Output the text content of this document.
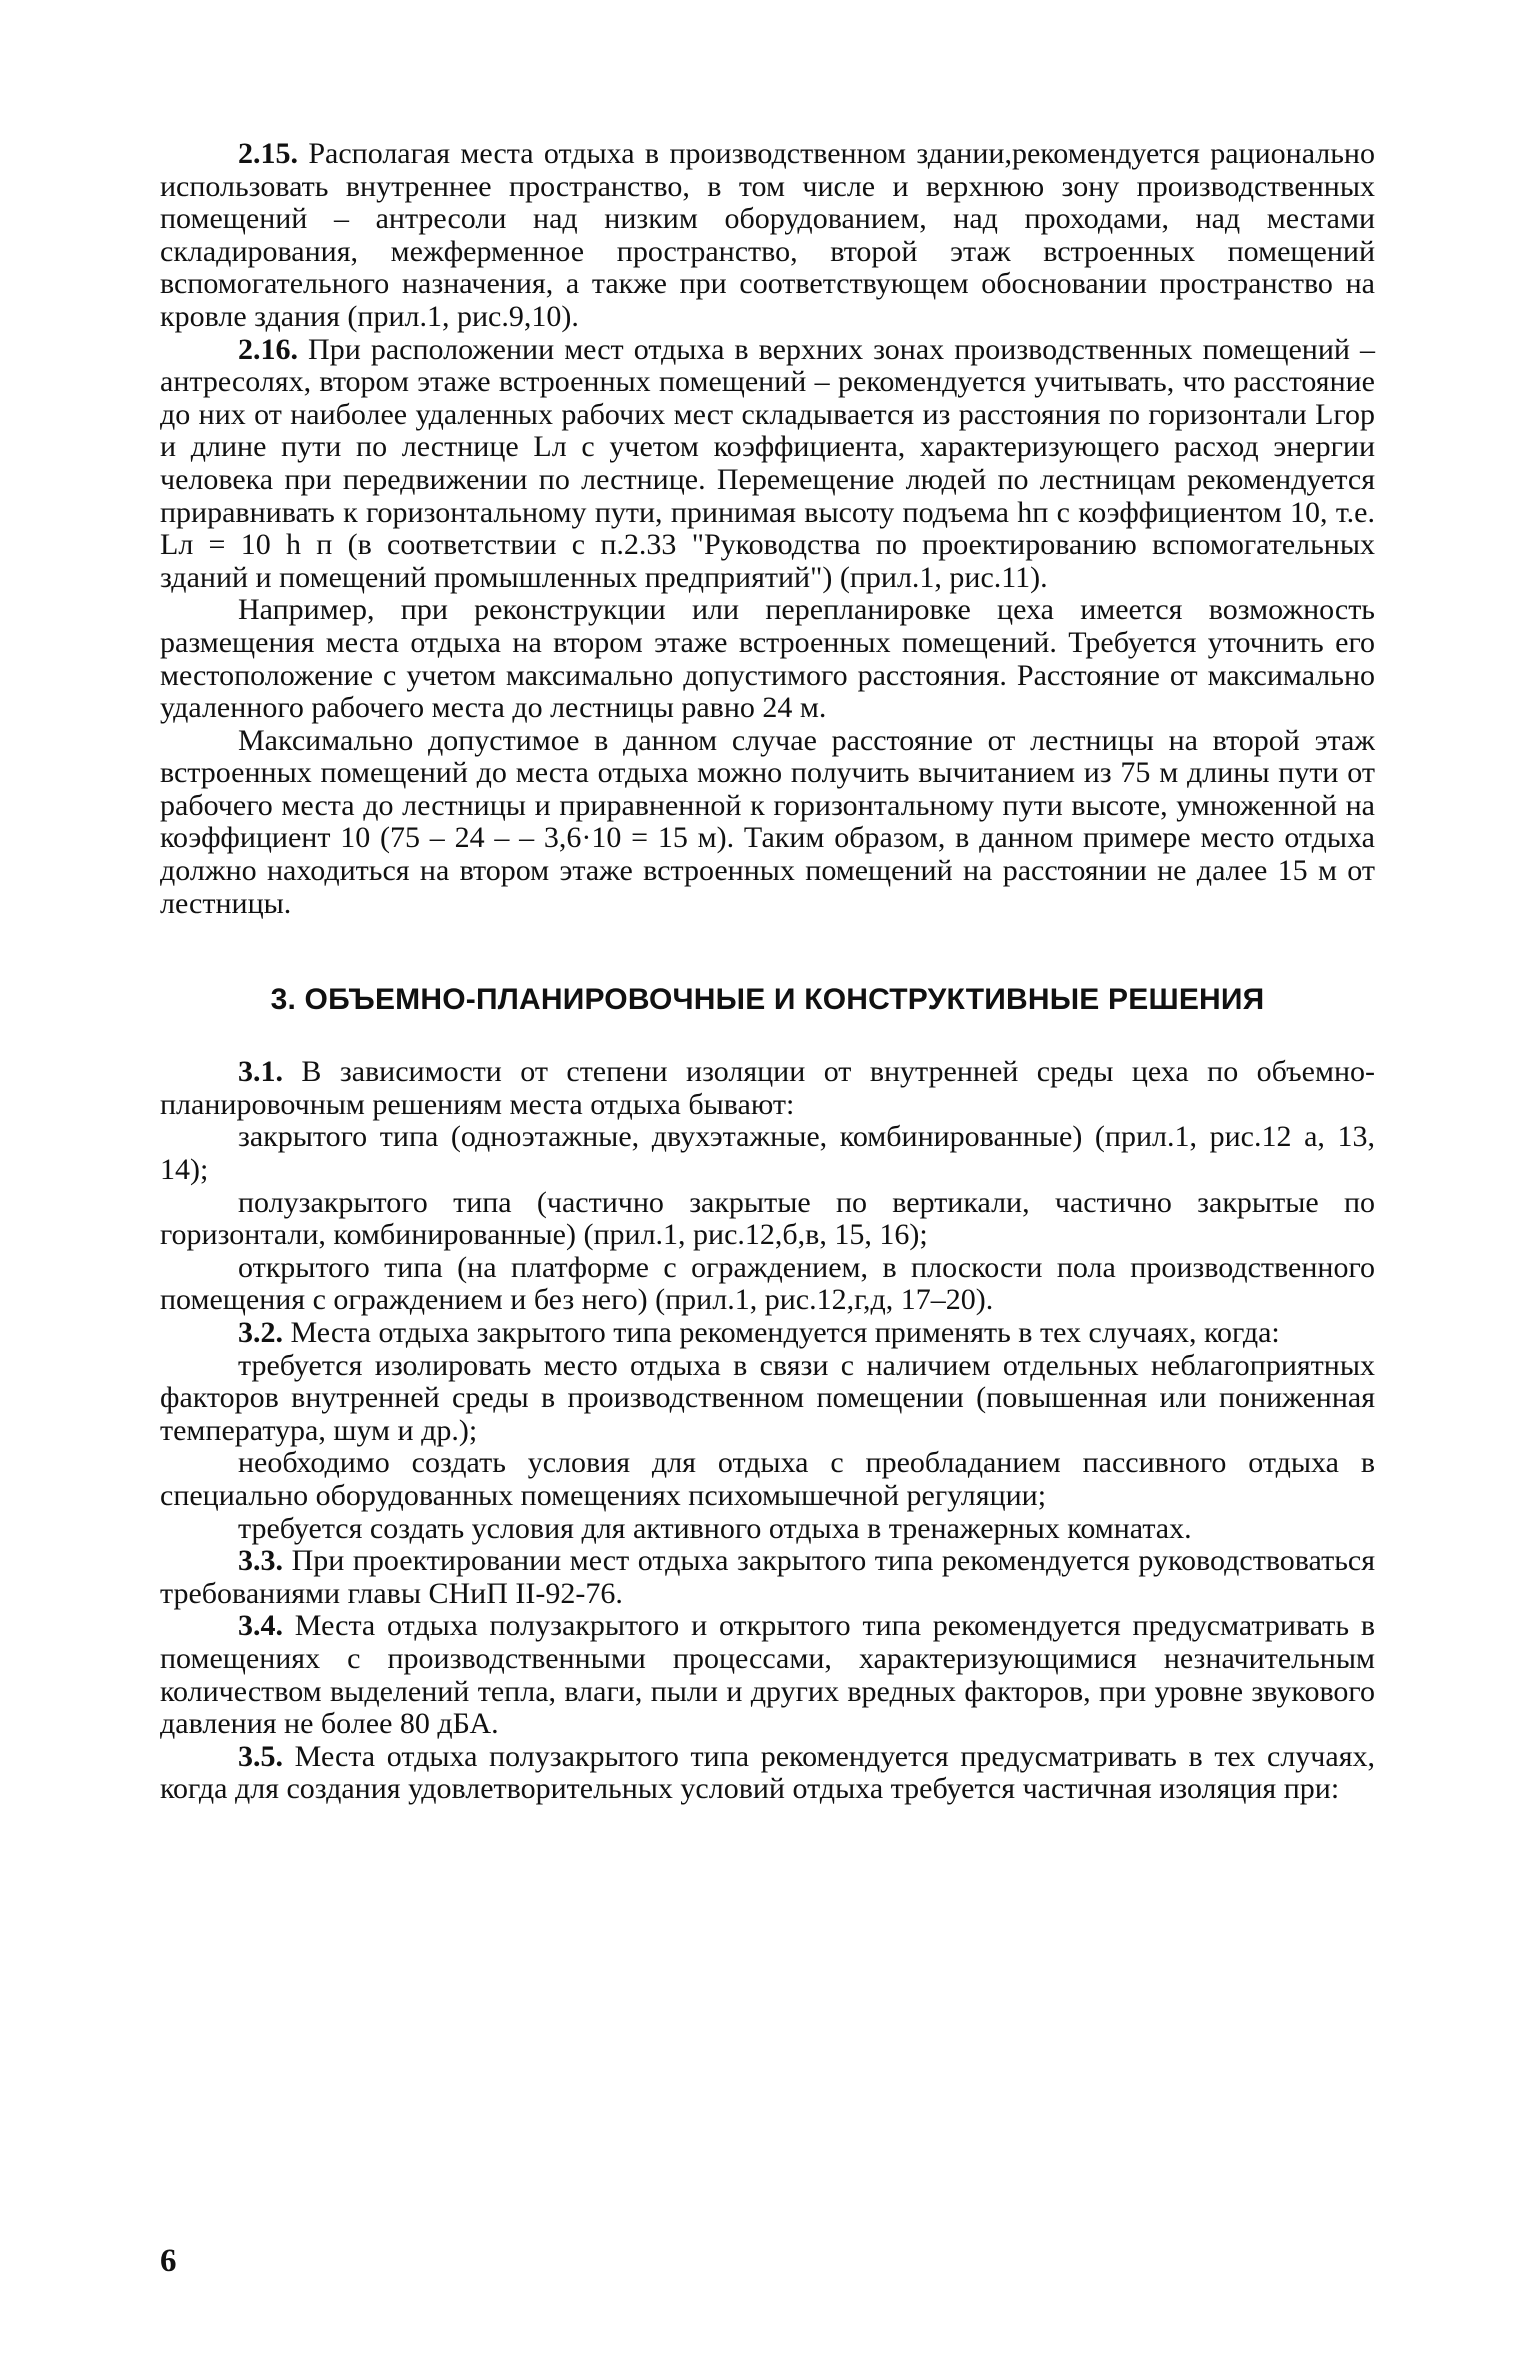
2.15. Располагая места отдыха в производственном здании,рекомендуется рационально использовать внутреннее пространство, в том числе и верхнюю зону производственных помещений – антресоли над низким оборудованием, над проходами, над местами складирования, межферменное пространство, второй этаж встроенных помещений вспомогательного назначения, а также при соответствующем обосновании пространство на кровле здания (прил.1, рис.9,10).

2.16. При расположении мест отдыха в верхних зонах производственных помещений – антресолях, втором этаже встроенных помещений – рекомендуется учитывать, что расстояние до них от наиболее удаленных рабочих мест складывается из расстояния по горизонтали Lгор и длине пути по лестнице Lл с учетом коэффициента, характеризующего расход энергии человека при передвижении по лестнице. Перемещение людей по лестницам рекомендуется приравнивать к горизонтальному пути, принимая высоту подъема hп с коэффициентом 10, т.е. Lл = 10 h п (в соответствии с п.2.33 "Руководства по проектированию вспомогательных зданий и помещений промышленных предприятий") (прил.1, рис.11).

Например, при реконструкции или перепланировке цеха имеется возможность размещения места отдыха на втором этаже встроенных помещений. Требуется уточнить его местоположение с учетом максимально допустимого расстояния. Расстояние от максимально удаленного рабочего места до лестницы равно 24 м.

Максимально допустимое в данном случае расстояние от лестницы на второй этаж встроенных помещений до места отдыха можно получить вычитанием из 75 м длины пути от рабочего места до лестницы и приравненной к горизонтальному пути высоте, умноженной на коэффициент 10 (75 – 24 – – 3,6·10 = 15 м). Таким образом, в данном примере место отдыха должно находиться на втором этаже встроенных помещений на расстоянии не далее 15 м от лестницы.

3. ОБЪЕМНО-ПЛАНИРОВОЧНЫЕ И КОНСТРУКТИВНЫЕ РЕШЕНИЯ

3.1. В зависимости от степени изоляции от внутренней среды цеха по объемно-планировочным решениям места отдыха бывают:

закрытого типа (одноэтажные, двухэтажные, комбинированные) (прил.1, рис.12 а, 13, 14);

полузакрытого типа (частично закрытые по вертикали, частично закрытые по горизонтали, комбинированные) (прил.1, рис.12,б,в, 15, 16);

открытого типа (на платформе с ограждением, в плоскости пола производственного помещения с ограждением и без него) (прил.1, рис.12,г,д, 17–20).

3.2. Места отдыха закрытого типа рекомендуется применять в тех случаях, когда:

требуется изолировать место отдыха в связи с наличием отдельных неблагоприятных факторов внутренней среды в производственном помещении (повышенная или пониженная температура, шум и др.);

необходимо создать условия для отдыха с преобладанием пассивного отдыха в специально оборудованных помещениях психомышечной регуляции;

требуется создать условия для активного отдыха в тренажерных комнатах.

3.3. При проектировании мест отдыха закрытого типа рекомендуется руководствоваться требованиями главы СНиП II-92-76.

3.4. Места отдыха полузакрытого и открытого типа рекомендуется предусматривать в помещениях с производственными процессами, характеризующимися незначительным количеством выделений тепла, влаги, пыли и других вредных факторов, при уровне звукового давления не более 80 дБА.

3.5. Места отдыха полузакрытого типа рекомендуется предусматривать в тех случаях, когда для создания удовлетворительных условий отдыха требуется частичная изоляция при:

6
